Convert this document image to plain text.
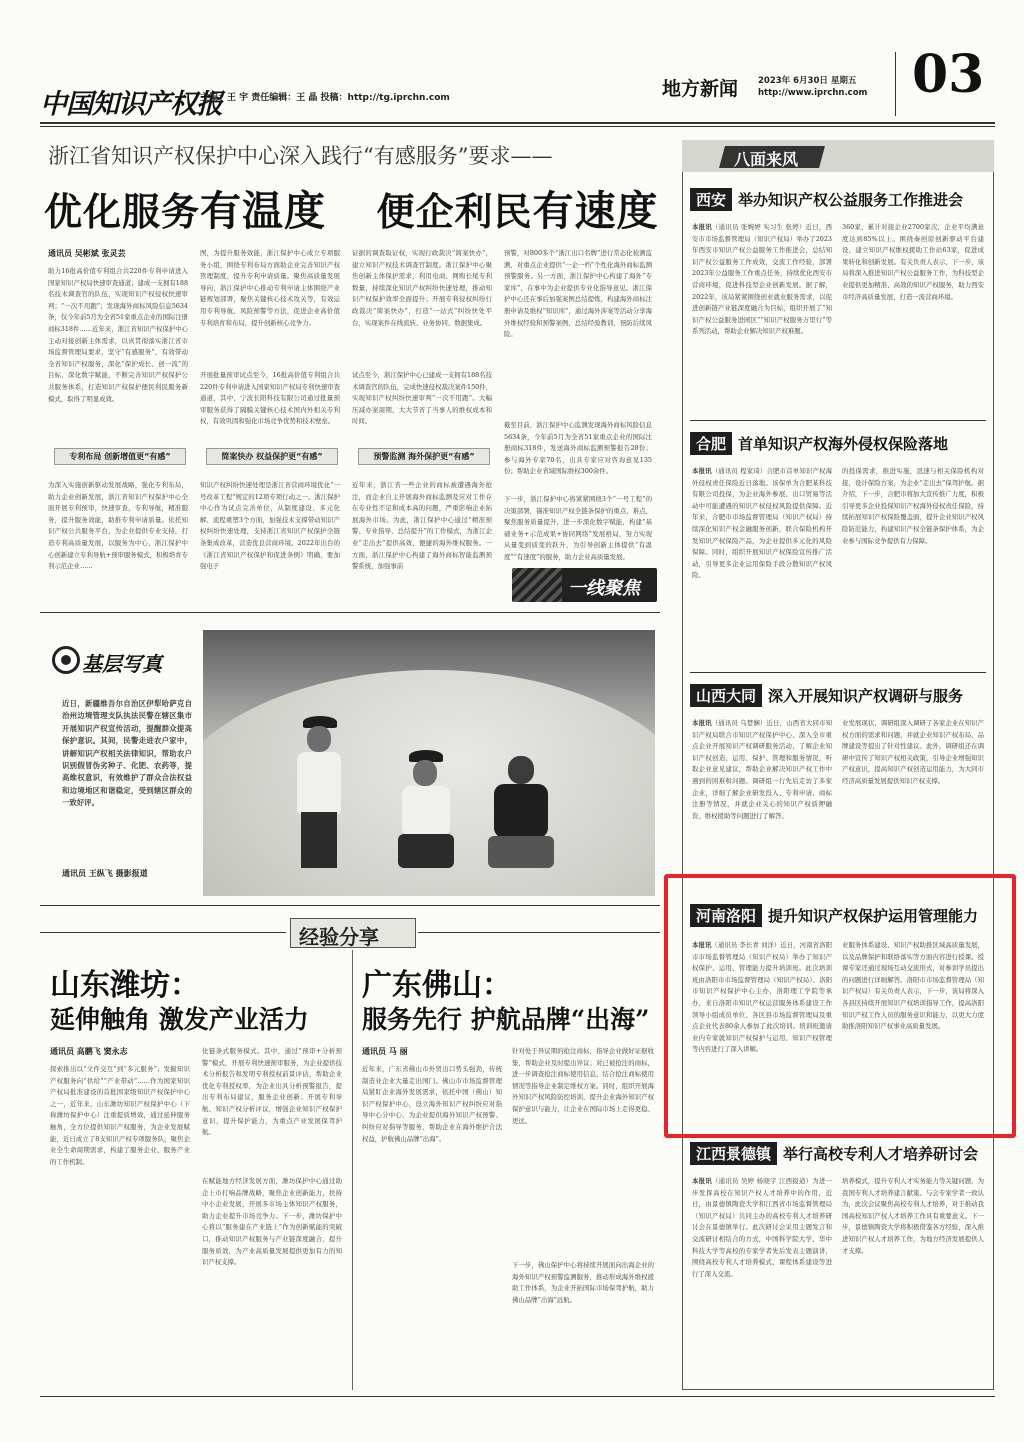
中国知识产权报
主编：王 宇 责任编辑：王 晶 投稿：http://tg.iprchn.com	地方新闻 2023年 6月30日 星期五
http://www.iprchn.com 03
浙江省知识产权保护中心深入践行“有感服务”要求——
优化服务有温度 便企利民有速度
通讯员 吴彬斌 张灵芸
助力16批高价值专利组合共220件专利申请进入国家知识产权局快速审查通道；建成一支拥有188名技术调查官的队伍，实现知识产权侵权快速审判；“一次不用跑”；发现海外商标风险信息5634条，仅今年前5月为全省51家重点企业的国际注册商标318件……近年来，浙江省知识产权保护中心主动对接创新主体需求，以真贯彻落实浙江省市场监督管理局要求，坚守“有感服务”，有效带动全省知识产权服务，深化“保护成长、创一流”的目标，深化数字赋能，不断完善知识产权保护公共服务体系，打造知识产权保护便民利民服务新模式，取得了明显成效。
专利布局 创新增值更“有感”
为深入实施创新驱动发展战略，强化专利布局，助力企业创新发展，浙江省知识产权保护中心全面开展专利预审，快速审查，专利导航，精准服务，提升服务效能，助推专利申请质量。依托知识产权公共服务平台，为企业提供专业支持，打造专利高质量发展，以服务为中心，浙江保护中心创新建立专利导航+预审服务模式，积极培育专利示范企业……
图，为提升服务效能，浙江保护中心成立专项服务小组，围绕专利布局方面助企业完善知识产权管理制度，提升专利申请质量。聚焦高质量发展导向，浙江保护中心推动专利申请主体围绕产业链规划部署，聚焦关键核心技术攻关等，有效运用专利导航、风险预警等方法，促进企业高价值专利培育和布局，提升创新核心竞争力。
开展批量预审试点至今，16批高价值专利组合共220件专利申请进入国家知识产权局专利快速审查通道，其中，宁波长阳科技有限公司通过批量预审服务获得了隔膜关键核心技术国内外相关专利权，有效巩固和强化市场竞争优势和技术壁垒。
简案快办 权益保护更“有感”
知识产权纠纷快速处理是浙江省营商环境优化“一号改革工程”规定的12项专项行动之一。浙江保护中心作为试点完善单位，从制度建设、多元化解、流程重塑3个方面，加强技术支撑带动知识产权纠纷快速处理，支持浙江省知识产权保护全链条集成改革，营造优良营商环境。2022年出台的《浙江省知识产权保护和促进条例》明确，要加强电子
证据的调查取证权，实现行政裁决“简案快办”，建立知识产权技术调查官制度。浙江保护中心聚焦创新主体保护需求，利用电商、网购长尾专利数量，持续深化知识产权纠纷快速处理，推动知识产权保护效率全面提升；开展专利侵权纠纷行政裁决“简案快办”，打造“一站式”纠纷快处平台，实现案件在线流转、业务协同、数据集成。
试点至今，浙江保护中心已建成一支拥有188名技术调查官的队伍，完成快速侵权裁决案件150件，实现知识产权纠纷快速审判“一次不用跑”。大幅压减办案周期，大大节省了当事人的维权成本和时间。
预警监测 海外保护更“有感”
近年来，浙江省一些企业的商标被遭遇海外抢注，而企业自主开展海外商标监测及应对工作存在专业性不足和成本高的问题，严重影响企业拓展海外市场。为此，浙江保护中心通过“精准预警、专业指导、总结提升”的工作模式，为浙江企业“走出去”提供高效、便捷的海外维权服务。一方面，浙江保护中心构建了海外商标智能监测预警系统，加强事前
预警，对800多个“浙江出口名牌”进行常态化检测监测，对重点企业提供“一企一档”个性化海外商标监测预警服务。另一方面，浙江保护中心构建了海外“专家库”，在事中为企业提供专业化指导意见。浙江保护中心还在事后加强案例总结提炼，构建海外商标注册申请及维权“知识库”，通过海外涉案等活动分享海外维权经验和预警案例，总结经验教训，预防后续风险。
截至目前，浙江保护中心监测发现海外商标风险信息5634条，今年前5月为全省51家重点企业的国际注册商标318件，发送海外商标监测预警报告28份；参与海外专家70名，出具专家应对咨询意见135份；帮助企业省域国际维权300余件。
下一步，浙江保护中心将紧紧围绕3个“一号工程”的决策部署，锚准知识产权全链条保护的重点、难点，聚焦服务质量提升，进一步深化数字赋能，构建“基础业务+示范成果+协同网络”发展格局，努力实现从量变到质变的跃升，为引导创新主体提供“有温度”“有速度”的服务，助力企业高质量发展。
一线聚焦
基层写真
近日，新疆维吾尔自治区伊犁哈萨克自治州边境管理支队执法民警在辖区集市开展知识产权宣传活动，提醒群众提高保护意识。其间，民警走进农户家中，讲解知识产权相关法律知识，帮助农户识别假冒伪劣种子、化肥、农药等，提高维权意识，有效维护了群众合法权益和边境地区和谐稳定，受到辖区群众的一致好评。
通讯员 王纵飞 摄影报道
经验分享
山东潍坊：
延伸触角 激发产业活力
通讯员 高鹏飞 窦永志
探索推出以“文件交互”到“多元服务”；发掘知识产权服务向“供给”“产业带动”……作为国家知识产权局批准建设的首批国家级知识产权保护中心之一，近年来，山东潍坊知识产权保护中心（下称潍坊保护中心）注重提质增效，通过延伸服务触角，全方位提供知识产权服务，为企业发展赋能，近日成立了8支知识产权专项服务队，聚焦企业全生命周期需求，构建了服务企业、服务产业的工作机制。
化链条式服务模式。其中，通过“预审+分析预警”模式，开展专利快速预审服务，为企业提供技术分析报告和发明专利授权前景评估，帮助企业优化专利授权率，为企业出具分析预警报告，提出专利布局建议，服务企业创新；开展专利导航、知识产权分析评议，增强企业知识产权保护意识，提升保护能力，为重点产业发展保驾护航。
在赋能地方经济发展方面，潍坊保护中心通过助企上市打响品牌战略，聚焦企业创新能力，扶持中小企业发展，开展多市场主体知识产权服务，助力企业提升市场竞争力。下一步，潍坊保护中心将以“服务建在产业链上”作为创新赋能的突破口，推动知识产权服务与产业链深度融合，提升服务质效，为产业高质量发展提供更加有力的知识产权支撑。
广东佛山：
服务先行 护航品牌“出海”
通讯员 马 丽
近年来，广东省佛山市外贸出口势头强劲，传统制造业企业大量走出国门。佛山市市场监督管理局紧盯企业海外发展需求，依托中国（佛山）知识产权保护中心，设立海外知识产权纠纷应对指导中心分中心，为企业提供海外知识产权预警、纠纷应对指导等服务，帮助企业在海外维护合法权益，护航佛山品牌“出海”。
针对处于异议期的抢注商标，指导企业做好证据收集，帮助企业及时提出异议；对已被抢注的商标，进一步调查抢注商标使用信息，结合抢注商标使用情况等指导企业制定维权方案。同时，组织开展海外知识产权风险防控培训，提升企业海外知识产权保护意识与能力，让企业在国际市场上走得更稳、更远。
下一步，佛山保护中心将持续开展面向出海企业的海外知识产权预警监测服务，推动形成海外维权援助工作体系，为企业开拓国际市场保驾护航，助力佛山品牌“出海”远航。
八面来风
西安 举办知识产权公益服务工作推进会
本报讯（通讯员 张婉婷 实习生 张婷）近日，西安市市场监督管理局（知识产权局）举办了2023年西安市知识产权公益服务工作推进会，总结知识产权公益服务工作成效，交流工作经验，部署2023年公益服务工作重点任务，持续优化西安市营商环境，促进科技型企业创新发展。据了解，2022年，该局紧紧围绕创业就业服务需求，以促进创新链产业链深度融合为目标，组织开展了“知识产权公益服务进园区”“知识产权服务万里行”等系列活动，帮助企业解决知识产权难题。
360家，累计对接企业2700家次，企业平均满意度达到85%以上。围绕秦创原创新驱动平台建设，建立知识产权维权援助工作站63家，促进成果转化和创新发展。有关负责人表示，下一步，该局将深入推进知识产权公益服务工作，为科技型企业提供更加精准、高效的知识产权服务，助力西安市经济高质量发展，打造一流营商环境。
合肥 首单知识产权海外侵权保险落地
本报讯（通讯员 程家琦）合肥市首单知识产权海外侵权责任保险近日落地。该保单为合肥某科技有限公司投保，为企业海外参展、出口贸易等活动中可能遭遇的知识产权侵权风险提供保障。近年来，合肥市市场监督管理局（知识产权局）持续深化知识产权金融服务创新，联合保险机构开发知识产权保险产品，为企业提供多元化的风险保障。同时，组织开展知识产权保险宣传推广活动，引导更多企业运用保险手段分散知识产权风险。
的投保需求，推进实施，迅速与相关保险机构对接，设计保险方案，为企业“走出去”保驾护航。据介绍，下一步，合肥市将加大宣传推广力度，积极引导更多企业投保知识产权海外侵权责任保险，持续拓展知识产权保险覆盖面，提升企业知识产权风险防范能力，构建知识产权全链条保护体系，为企业参与国际竞争提供有力保障。
山西大同 深入开展知识产权调研与服务
本报讯（通讯员 乌楚娴）近日，山西省大同市知识产权局联合市知识产权保护中心，深入全市重点企业开展知识产权调研服务活动，了解企业知识产权创造、运用、保护、管理和服务情况，听取企业意见建议，帮助企业解决知识产权工作中遇到的困难和问题。调研组一行先后走访了多家企业，详细了解企业研发投入、专利申请、商标注册等情况，并就企业关心的知识产权质押融资、维权援助等问题进行了解答。
业发展现状、调研组深入调研了各家企业在知识产权方面的需求和问题，并就企业知识产权布局、品牌建设等提出了针对性建议。此外，调研组还在调研中宣传了知识产权相关政策，引导企业增强知识产权意识，提高知识产权创造运用能力，为大同市经济高质量发展提供知识产权支撑。
河南洛阳 提升知识产权保护运用管理能力
本报讯（通讯员 李长青 刘洋）近日，河南省洛阳市市场监督管理局（知识产权局）举办了知识产权保护、运用、管理能力提升培训班。此次培训班由洛阳市市场监督管理局（知识产权局）、洛阳市知识产权保护中心主办，洛阳理工学院等承办，来自洛阳市知识产权运营服务体系建设工作领导小组成员单位、各区县市场监督管理局及重点企业代表80余人参加了此次培训。培训班邀请业内专家就知识产权保护与运用、知识产权管理等内容进行了深入讲解。
业服务体系建设、知识产权助推区域高质量发展，以及品牌保护和联络落实等方面内容进行授课。授课专家还通过现场互动交流形式，对参训学员提出的问题进行详细解答。洛阳市市场监督管理局（知识产权局）有关负责人表示，下一步，该局将深入各县区持续开展知识产权培训指导工作，提高洛阳知识产权工作人员的服务意识和能力，以更大力度助推洛阳知识产权事业高质量发展。
江西景德镇 举行高校专利人才培养研讨会
本报讯（通讯员 吴婷 杨晓宇 江西报道）为进一步发挥高校在知识产权人才培养中的作用，近日，由景德镇陶瓷大学和江西省市场监督管理局（知识产权局）共同主办的高校专利人才培养研讨会在景德镇举行。此次研讨会采用主题发言和交流研讨相结合的方式，中国科学院大学、华中科技大学等高校的专家学者先后发表主题演讲，围绕高校专利人才培养模式、课程体系建设等进行了深入交流。
培养模式，提升专利人才实务能力等关键问题，为我国专利人才培养建言献策。与会专家学者一致认为，此次会议聚焦高校专利人才培养，对于推动我国高校知识产权人才培养工作具有重要意义。下一步，景德镇陶瓷大学将积极借鉴各方经验，深入推进知识产权人才培养工作，为地方经济发展提供人才支撑。
